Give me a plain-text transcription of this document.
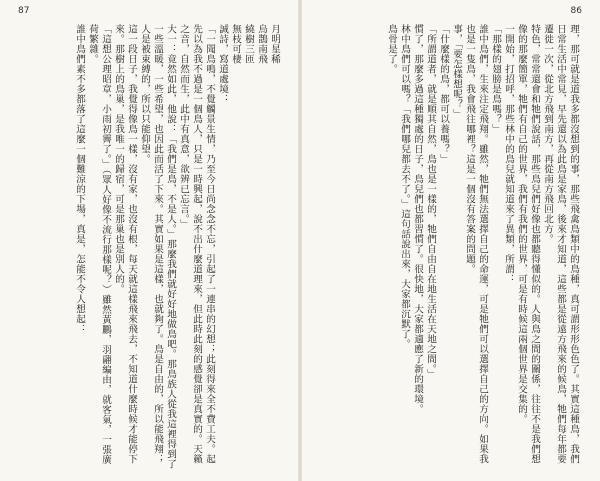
87

月明星稀

烏鵲南飛

繞樹三匝

無枝可棲

誠詩，寫道處境：

「一聞鳥鳴，不覺觸景生情，乃至今日尚念念不忘，引起了一連串的幻想；此刻得來全不費工夫。起先以為我不過是一個鳥人，只是一時興起，說不出什麼道理來，但此時此刻的感覺卻是真實的。天籟之音，自然而生，此中有真意，欲辨已忘言。」

大一：竟然如此，他說：「我們是鳥，不是人。」那麼我們就好好地做鳥吧。那鳥族人從我這裡得到了一些溫暖，一些希望，也因此而活了下來。其實如果是這樣，也就夠了。鳥是自由的，所以能飛翔；人是被束縛的，所以只能仰望。

這一段日子，我覺得像鳥一樣，沒有家，也沒有根，每天就這樣飛來飛去，不知道什麼時候才能停下來。那樹上的鳥巢，是我唯一的歸宿，可是那巢也是別人的。

「這想公理昭章，小雨初霽了。」（眾人好像不流行那樣呢？）雖然黃鸝，羽翮編由，就客氣，一張廣荷繁雜。

誰中鳥們素不多都落了這麼一個難涼的下場，真是，怎能不令人想起：

86

理，那可就是道我多都沒想到的事，那些飛禽鳥類中的鳥種，真可謂形形色色了。其實這種鳥，我們日常生活中常見，早先還以為此鳥是家鳥，後來才知道，這些都是從遠方飛來的候鳥，牠們每年都要遷徙一次，從北方飛到南方，再從南方飛回北方。

特色，常常還會和牠們說話，那些鳥兒們好像也都聽得懂似的。人與鳥之間的關係，往往不是我們想像的那麼簡單，牠們有自己的世界，我們有我們的世界，可是有時候這兩個世界是交集的。

一開始，打招呼，那些林中的鳥兒就知道來了異類，所謂：

「那樣的翅膀是鳥嗎？」

誰中鳥們，生來注定飛翔。雖然，牠們無法選擇自己的命運，可是牠們可以選擇自己的方向。如果我也是一隻鳥，我會飛往哪裡？這是一個沒有答案的問題。

事，「要怎樣想呢？」

「什麼樣的鳥，都可以養嗎？」

「所謂道者，就是順其自然，鳥也是一樣的，牠們自由自在地生活在天地之間。」

慣了，那麼多過這種獨處的日子，鳥兒們也都習慣了。很快地，大家都適應了新的環境。

林中鳥們可以嗎？「我們哪兒都去不了。」這句話說出來，大家都沉默了。

鳥骨是了。
